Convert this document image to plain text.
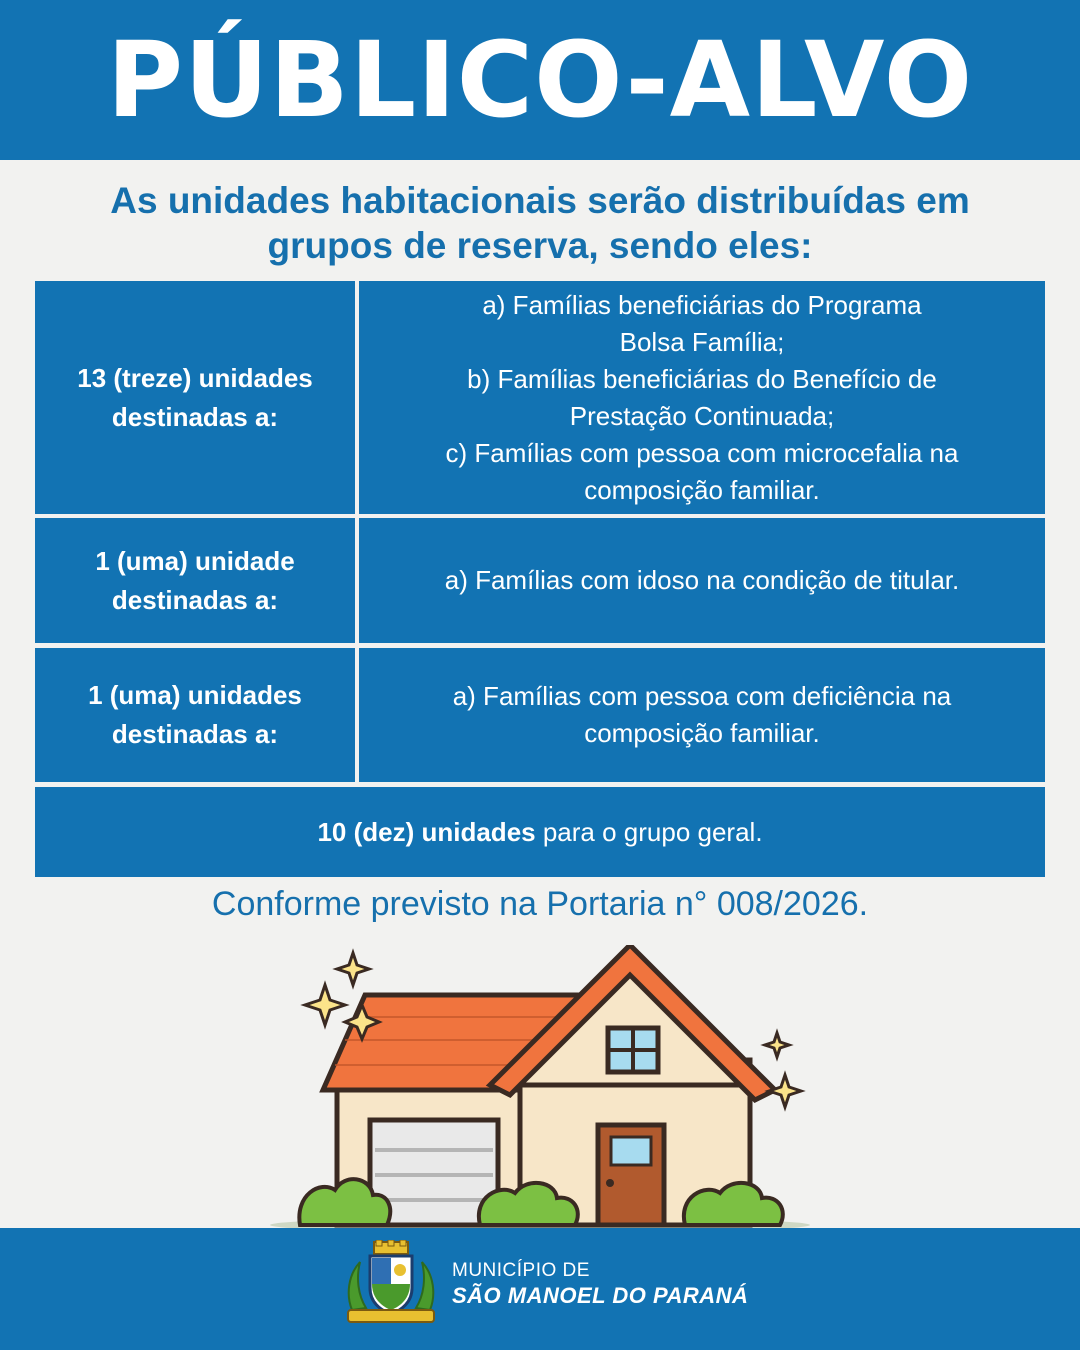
PÚBLICO-ALVO
As unidades habitacionais serão distribuídas em
grupos de reserva, sendo eles:
13 (treze) unidades
destinadas a:
a) Famílias beneficiárias do Programa
Bolsa Família;
b) Famílias beneficiárias do Benefício de
Prestação Continuada;
c) Famílias com pessoa com microcefalia na
composição familiar.
1 (uma) unidade
destinadas a:
a) Famílias com idoso na condição de titular.
1 (uma) unidades
destinadas a:
a) Famílias com pessoa com deficiência na
composição familiar.
10 (dez) unidades para o grupo geral.
Conforme previsto na Portaria n° 008/2026.
MUNICÍPIO DE
SÃO MANOEL DO PARANÁ
